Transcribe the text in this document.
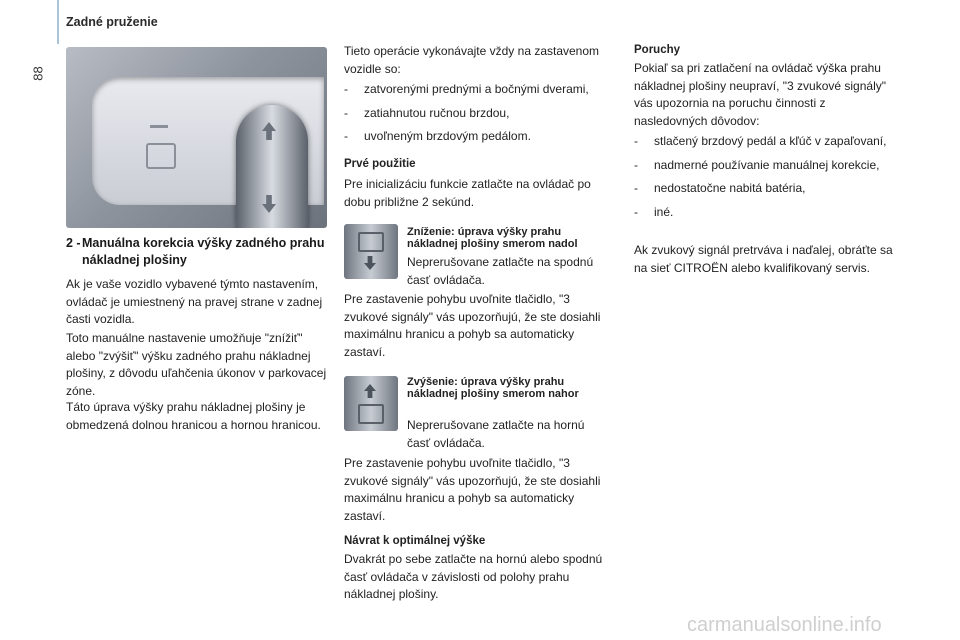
88
Zadné pruženie
2 - Manuálna korekcia výšky zadného prahu nákladnej plošiny
Ak je vaše vozidlo vybavené týmto nastavením, ovládač je umiestnený na pravej strane v zadnej časti vozidla.
Toto manuálne nastavenie umožňuje "znížiť" alebo "zvýšiť" výšku zadného prahu nákladnej plošiny, z dôvodu uľahčenia úkonov v parkovacej zóne.
Táto úprava výšky prahu nákladnej plošiny je obmedzená dolnou hranicou a hornou hranicou.
Tieto operácie vykonávajte vždy na zastavenom vozidle so:
- zatvorenými prednými a bočnými dverami,
- zatiahnutou ručnou brzdou,
- uvoľneným brzdovým pedálom.
Prvé použitie
Pre inicializáciu funkcie zatlačte na ovládač po dobu približne 2 sekúnd.
Zníženie: úprava výšky prahu nákladnej plošiny smerom nadol
Neprerušovane zatlačte na spodnú časť ovládača.
Pre zastavenie pohybu uvoľnite tlačidlo, "3 zvukové signály" vás upozorňujú, že ste dosiahli maximálnu hranicu a pohyb sa automaticky zastaví.
Zvýšenie: úprava výšky prahu nákladnej plošiny smerom nahor
Neprerušovane zatlačte na hornú časť ovládača.
Pre zastavenie pohybu uvoľnite tlačidlo, "3 zvukové signály" vás upozorňujú, že ste dosiahli maximálnu hranicu a pohyb sa automaticky zastaví.
Návrat k optimálnej výške
Dvakrát po sebe zatlačte na hornú alebo spodnú časť ovládača v závislosti od polohy prahu nákladnej plošiny.
Poruchy
Pokiaľ sa pri zatlačení na ovládač výška prahu nákladnej plošiny neupraví, "3 zvukové signály" vás upozornia na poruchu činnosti z nasledovných dôvodov:
- stlačený brzdový pedál a kľúč v zapaľovaní,
- nadmerné používanie manuálnej korekcie,
- nedostatočne nabitá batéria,
- iné.
Ak zvukový signál pretrváva i naďalej, obráťte sa na sieť CITROËN alebo kvalifikovaný servis.
carmanualsonline.info
